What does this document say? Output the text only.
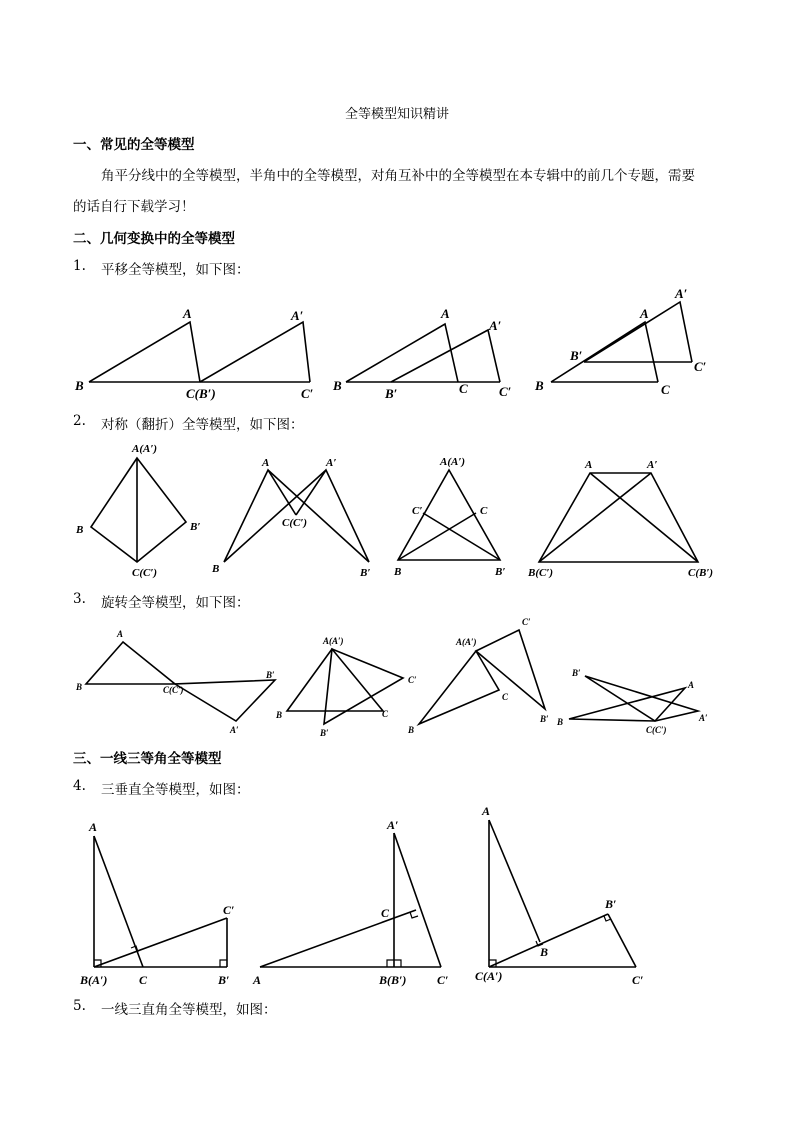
全等模型知识精讲
一、常见的全等模型
角平分线中的全等模型，半角中的全等模型，对角互补中的全等模型在本专辑中的前几个专题，需要
的话自行下载学习！
二、几何变换中的全等模型
1. 平移全等模型，如下图：
2. 对称（翻折）全等模型，如下图：
3. 旋转全等模型，如下图：
三、一线三等角全等模型
4. 三垂直全等模型，如图：
5. 一线三直角全等模型，如图：
B
A
C(B′)
A′
C′
B
A
B′	C
A′
C′ B
A
C
B′
A′
C′
A(A′)
B	B′
C(C′)
A	A′
C(C′)
B	B′
A(A′)
C′	C
B	B′
A	A′
B(C′)	C(B′)
A
B	C(C′)
B′
A′
A(A′)
B	C
B′
C′
A(A′)
B
C
C′
B′
B′
B
A
A′
C(C′)
A
B(A′)	C	B′
C′
A′
C
A	B(B′)	C′
A
B
B′
C(A′)	C′
